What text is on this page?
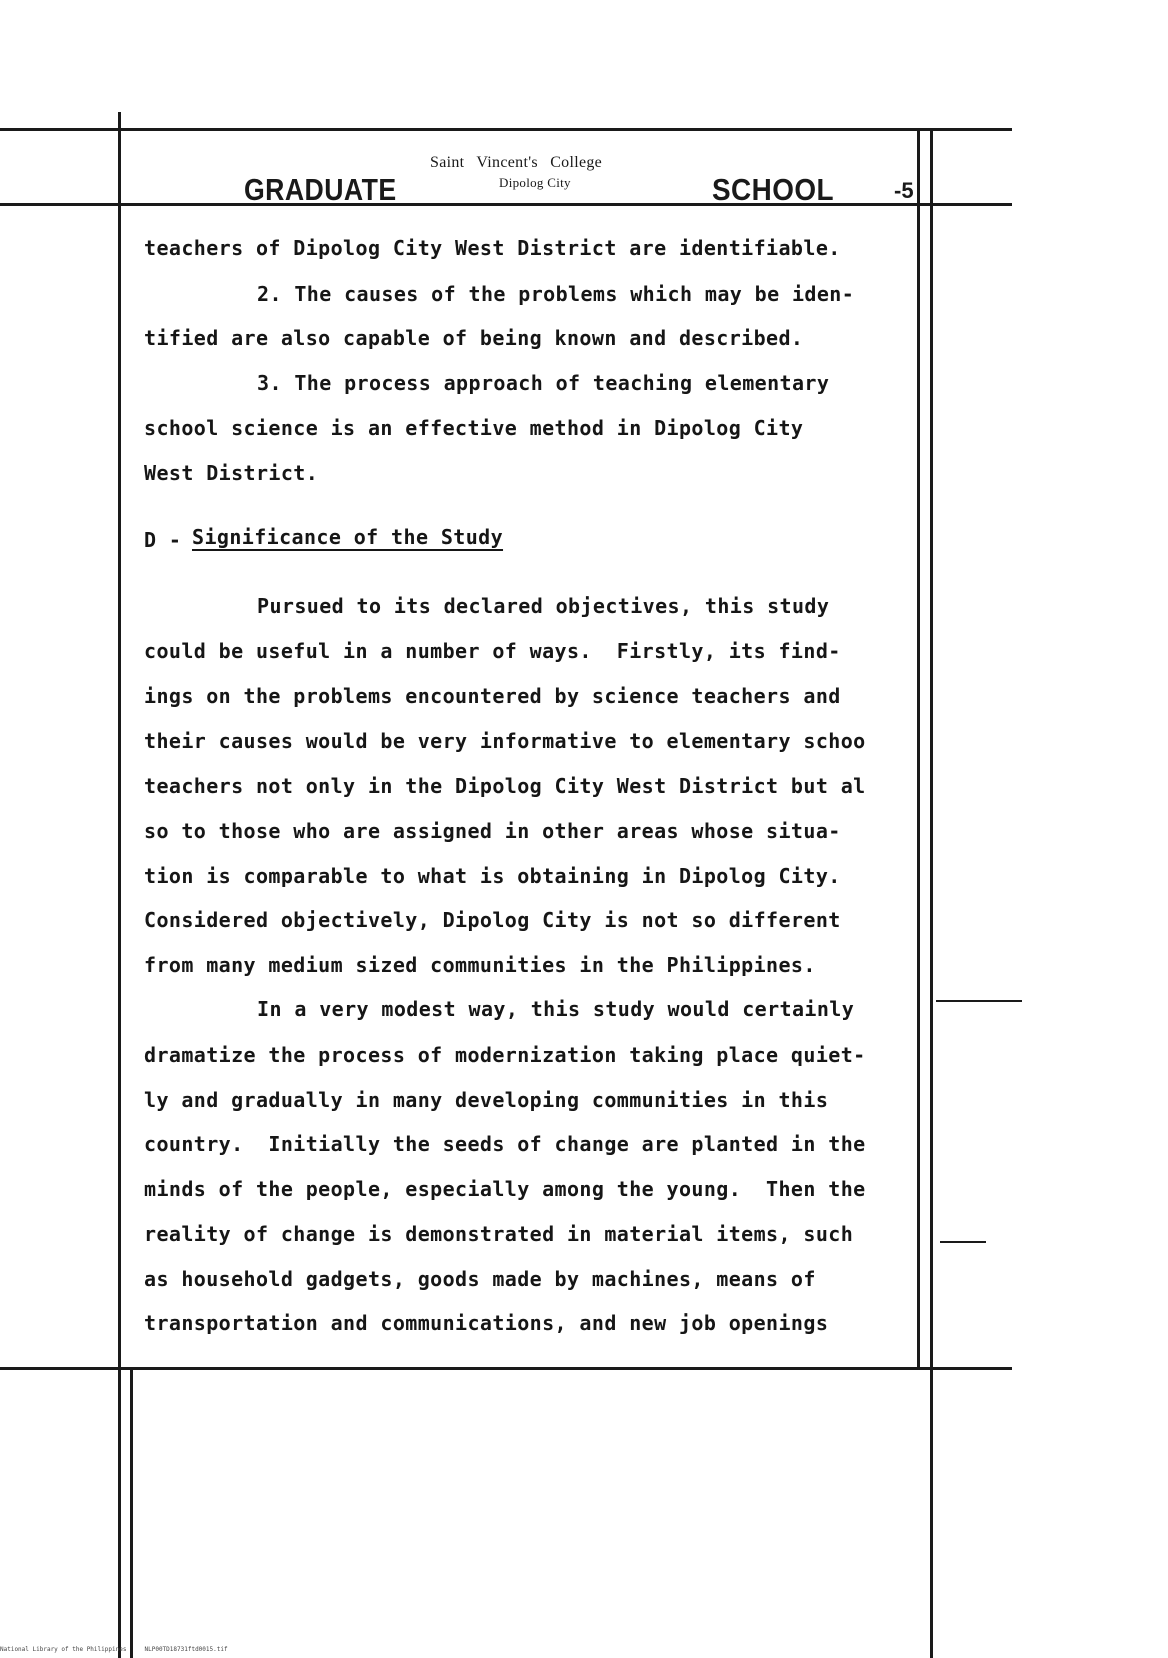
GRADUATE
Saint Vincent's College
Dipolog City	SCHOOL	-5
teachers of Dipolog City West District are identifiable.
2. The causes of the problems which may be iden-
tified are also capable of being known and described.
3. The process approach of teaching elementary
school science is an effective method in Dipolog City
West District.
D -
Significance of the Study
Pursued to its declared objectives, this study
could be useful in a number of ways.  Firstly, its find-
ings on the problems encountered by science teachers and
their causes would be very informative to elementary schoo
teachers not only in the Dipolog City West District but al
so to those who are assigned in other areas whose situa-
tion is comparable to what is obtaining in Dipolog City.
Considered objectively, Dipolog City is not so different
from many medium sized communities in the Philippines.
In a very modest way, this study would certainly
dramatize the process of modernization taking place quiet-
ly and gradually in many developing communities in this
country.  Initially the seeds of change are planted in the
minds of the people, especially among the young.  Then the
reality of change is demonstrated in material items, such
as household gadgets, goods made by machines, means of
transportation and communications, and new job openings
National Library of the Philippines     NLP00TD18731ftd0015.tif
